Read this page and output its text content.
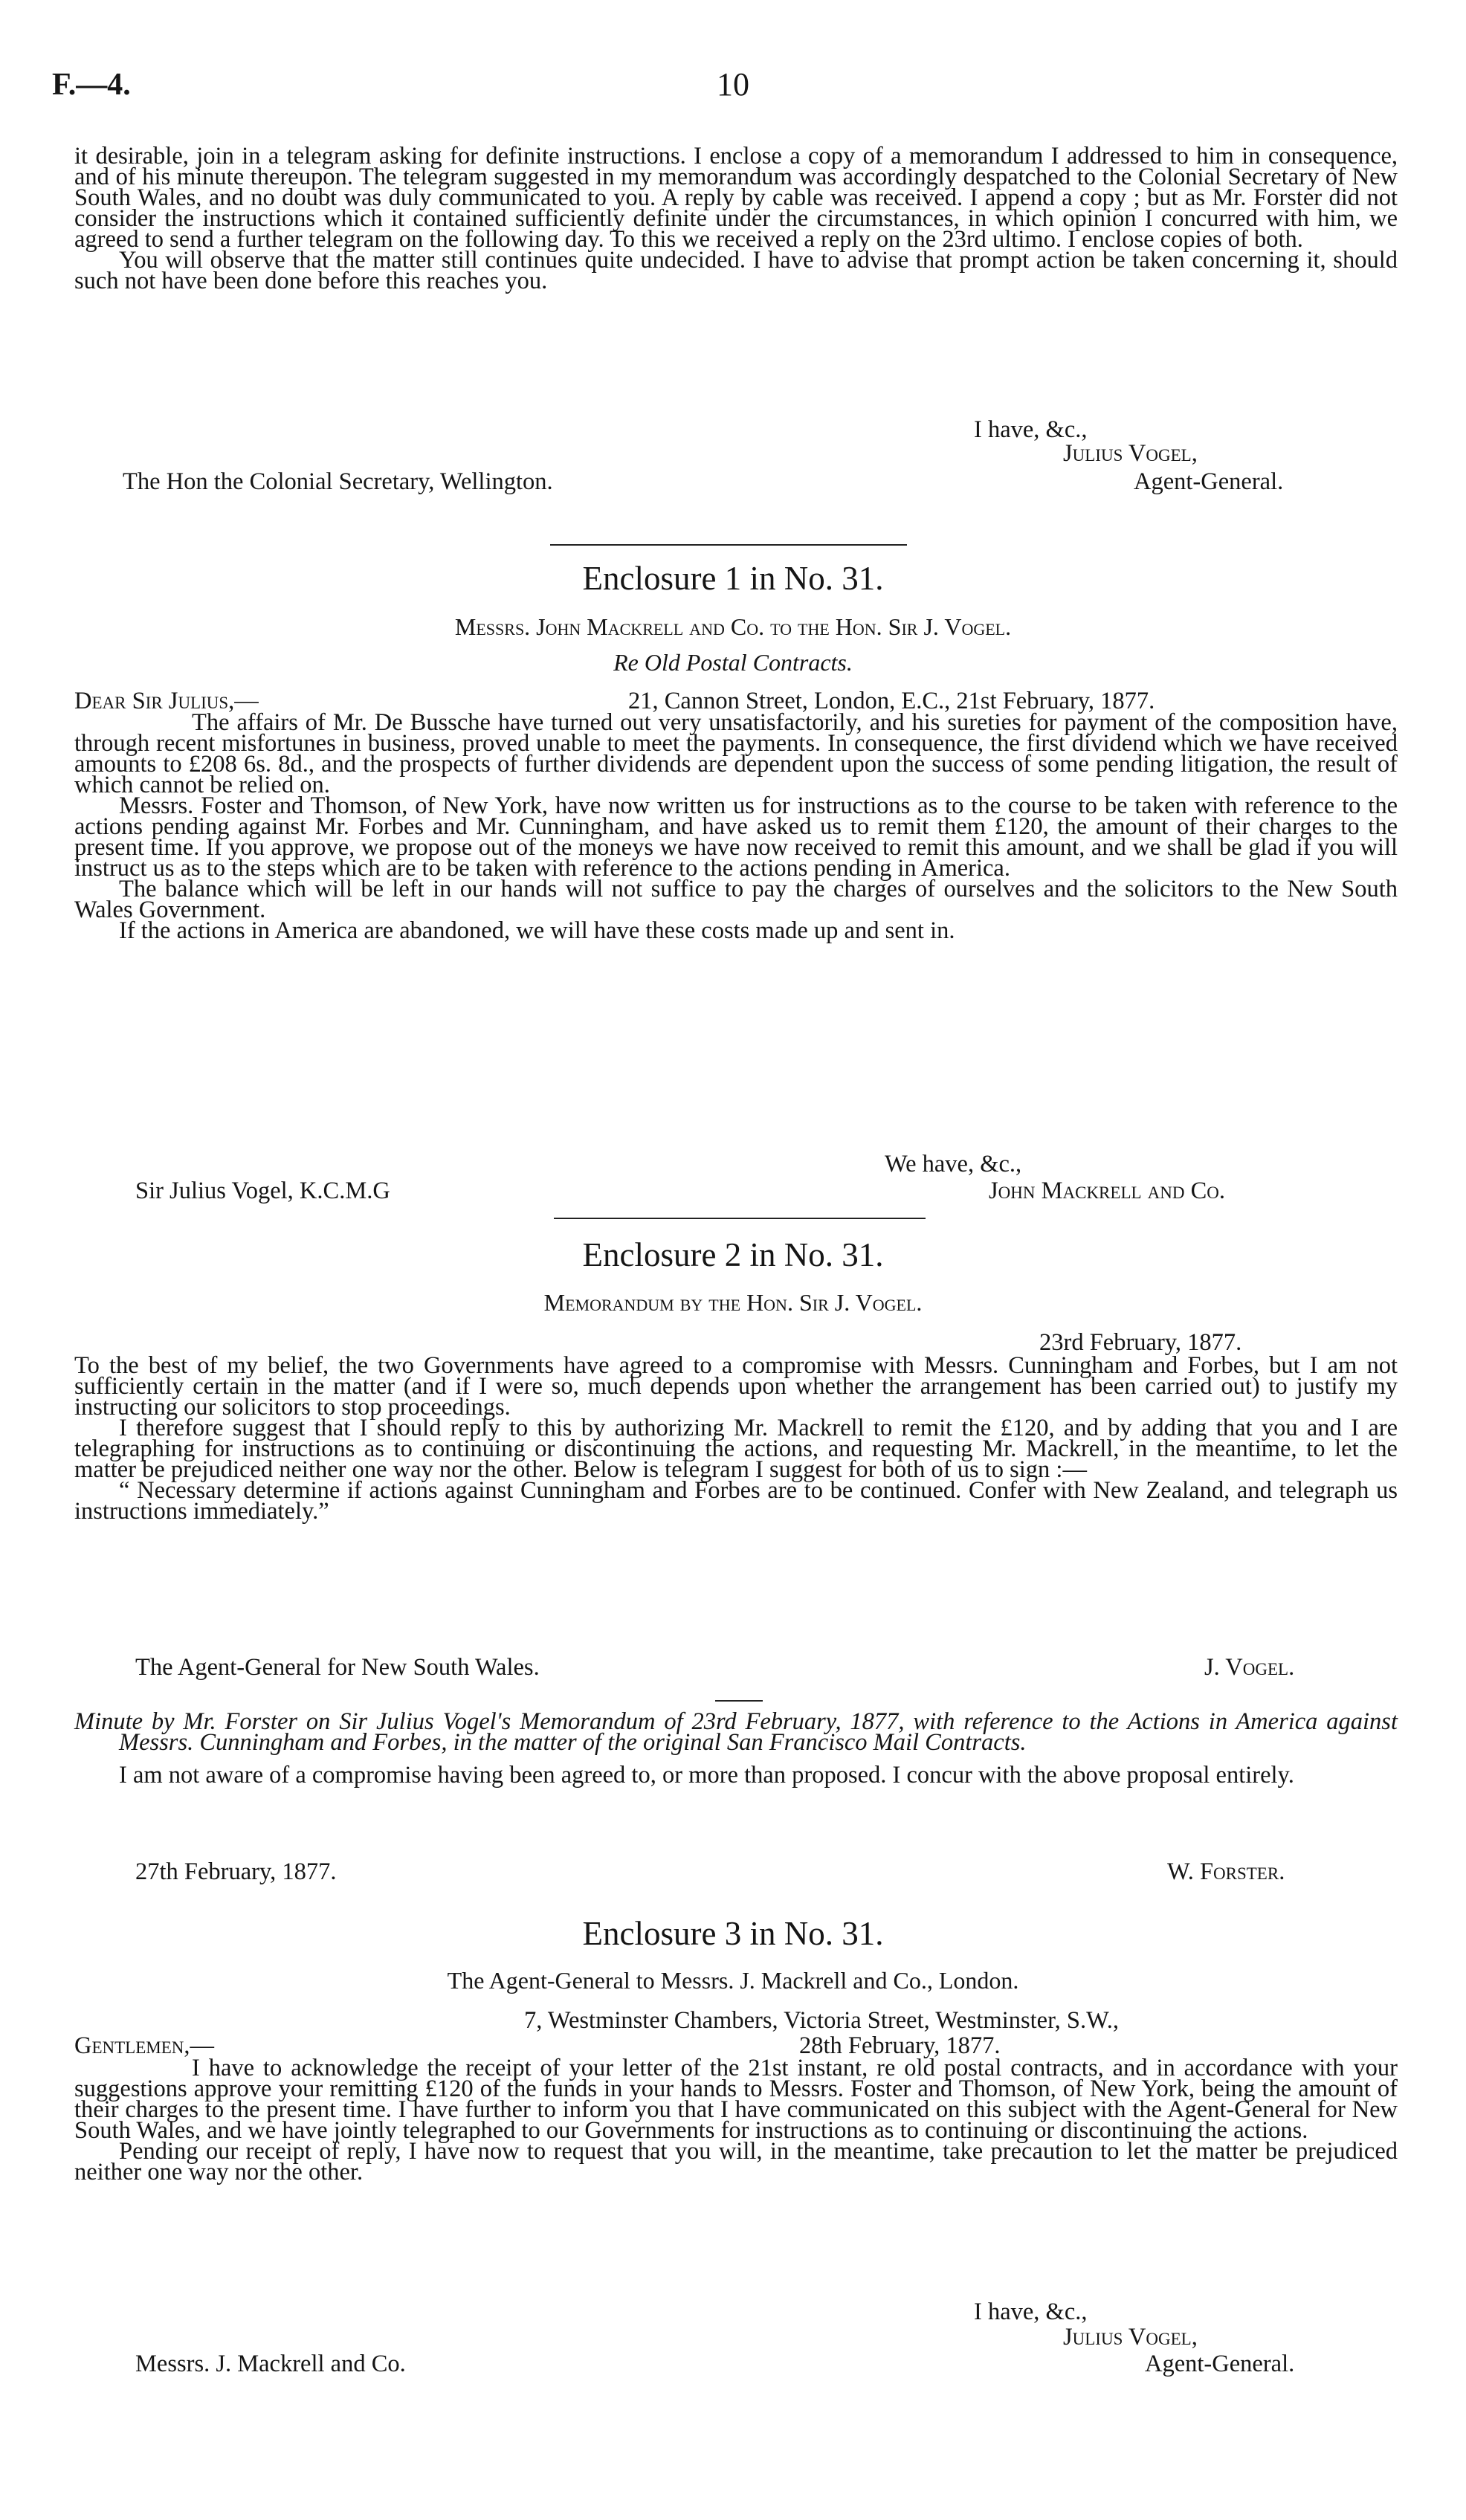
F.—4.	10

it desirable, join in a telegram asking for definite instructions. I enclose a copy of a memorandum I addressed to him in consequence, and of his minute thereupon. The telegram suggested in my memorandum was accordingly despatched to the Colonial Secretary of New South Wales, and no doubt was duly communicated to you. A reply by cable was received. I append a copy ; but as Mr. Forster did not consider the instructions which it contained sufficiently definite under the circumstances, in which opinion I concurred with him, we agreed to send a further telegram on the following day. To this we received a reply on the 23rd ultimo. I enclose copies of both.

You will observe that the matter still continues quite undecided. I have to advise that prompt action be taken concerning it, should such not have been done before this reaches you.

I have, &c.,
Julius Vogel,
The Hon the Colonial Secretary, Wellington.	Agent-General.
Enclosure 1 in No. 31.
Messrs. John Mackrell and Co. to the Hon. Sir J. Vogel.
Re Old Postal Contracts.
Dear Sir Julius,—	21, Cannon Street, London, E.C., 21st February, 1877.

The affairs of Mr. De Bussche have turned out very unsatisfactorily, and his sureties for payment of the composition have, through recent misfortunes in business, proved unable to meet the payments. In consequence, the first dividend which we have received amounts to £208 6s. 8d., and the prospects of further dividends are dependent upon the success of some pending litigation, the result of which cannot be relied on.

Messrs. Foster and Thomson, of New York, have now written us for instructions as to the course to be taken with reference to the actions pending against Mr. Forbes and Mr. Cunningham, and have asked us to remit them £120, the amount of their charges to the present time. If you approve, we propose out of the moneys we have now received to remit this amount, and we shall be glad if you will instruct us as to the steps which are to be taken with reference to the actions pending in America.

The balance which will be left in our hands will not suffice to pay the charges of ourselves and the solicitors to the New South Wales Government.

If the actions in America are abandoned, we will have these costs made up and sent in.

We have, &c.,
Sir Julius Vogel, K.C.M.G	John Mackrell and Co.
Enclosure 2 in No. 31.
Memorandum by the Hon. Sir J. Vogel.
23rd February, 1877.

To the best of my belief, the two Governments have agreed to a compromise with Messrs. Cunningham and Forbes, but I am not sufficiently certain in the matter (and if I were so, much depends upon whether the arrangement has been carried out) to justify my instructing our solicitors to stop proceedings.

I therefore suggest that I should reply to this by authorizing Mr. Mackrell to remit the £120, and by adding that you and I are telegraphing for instructions as to continuing or discontinuing the actions, and requesting Mr. Mackrell, in the meantime, to let the matter be prejudiced neither one way nor the other. Below is telegram I suggest for both of us to sign :—

“ Necessary determine if actions against Cunningham and Forbes are to be continued. Confer with New Zealand, and telegraph us instructions immediately.”

The Agent-General for New South Wales.	J. Vogel.

Minute by Mr. Forster on Sir Julius Vogel's Memorandum of 23rd February, 1877, with reference to the Actions in America against Messrs. Cunningham and Forbes, in the matter of the original San Francisco Mail Contracts.

I am not aware of a compromise having been agreed to, or more than proposed. I concur with the above proposal entirely.

27th February, 1877.	W. Forster.
Enclosure 3 in No. 31.
The Agent-General to Messrs. J. Mackrell and Co., London.
7, Westminster Chambers, Victoria Street, Westminster, S.W.,
Gentlemen,—	28th February, 1877.

I have to acknowledge the receipt of your letter of the 21st instant, re old postal contracts, and in accordance with your suggestions approve your remitting £120 of the funds in your hands to Messrs. Foster and Thomson, of New York, being the amount of their charges to the present time. I have further to inform you that I have communicated on this subject with the Agent-General for New South Wales, and we have jointly telegraphed to our Governments for instructions as to continuing or discontinuing the actions.

Pending our receipt of reply, I have now to request that you will, in the meantime, take precaution to let the matter be prejudiced neither one way nor the other.

I have, &c.,
Julius Vogel,
Messrs. J. Mackrell and Co.	Agent-General.
